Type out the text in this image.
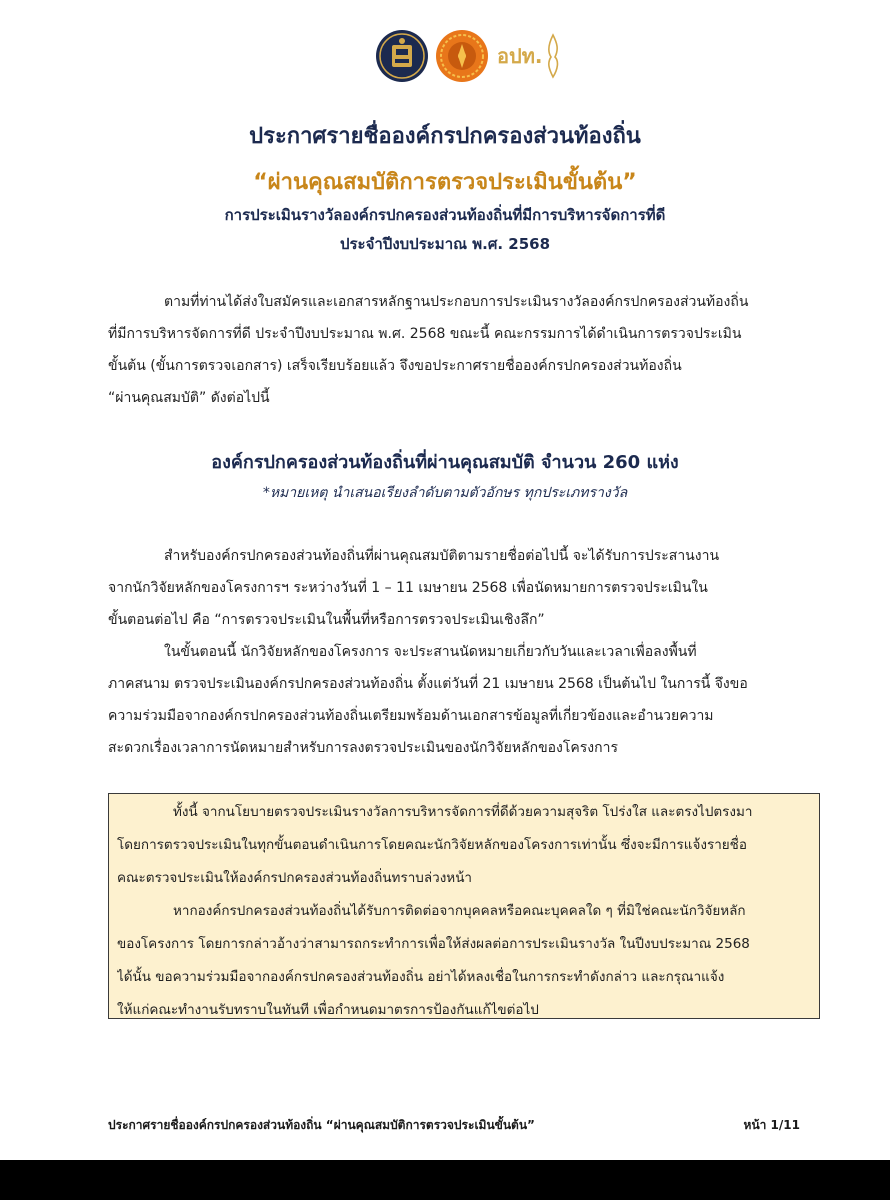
อปท.
ประกาศรายชื่อองค์กรปกครองส่วนท้องถิ่น
“ผ่านคุณสมบัติการตรวจประเมินขั้นต้น”
การประเมินรางวัลองค์กรปกครองส่วนท้องถิ่นที่มีการบริหารจัดการที่ดี
ประจำปีงบประมาณ พ.ศ. 2568
ตามที่ท่านได้ส่งใบสมัครและเอกสารหลักฐานประกอบการประเมินรางวัลองค์กรปกครองส่วนท้องถิ่น
ที่มีการบริหารจัดการที่ดี ประจำปีงบประมาณ พ.ศ. 2568 ขณะนี้ คณะกรรมการได้ดำเนินการตรวจประเมิน
ขั้นต้น (ขั้นการตรวจเอกสาร) เสร็จเรียบร้อยแล้ว จึงขอประกาศรายชื่อองค์กรปกครองส่วนท้องถิ่น
“ผ่านคุณสมบัติ” ดังต่อไปนี้
องค์กรปกครองส่วนท้องถิ่นที่ผ่านคุณสมบัติ จำนวน 260 แห่ง
*หมายเหตุ นำเสนอเรียงลำดับตามตัวอักษร ทุกประเภทรางวัล
สำหรับองค์กรปกครองส่วนท้องถิ่นที่ผ่านคุณสมบัติตามรายชื่อต่อไปนี้ จะได้รับการประสานงาน
จากนักวิจัยหลักของโครงการฯ ระหว่างวันที่ 1 – 11 เมษายน 2568 เพื่อนัดหมายการตรวจประเมินใน
ขั้นตอนต่อไป คือ “การตรวจประเมินในพื้นที่หรือการตรวจประเมินเชิงลึก”
ในขั้นตอนนี้ นักวิจัยหลักของโครงการ จะประสานนัดหมายเกี่ยวกับวันและเวลาเพื่อลงพื้นที่
ภาคสนาม ตรวจประเมินองค์กรปกครองส่วนท้องถิ่น ตั้งแต่วันที่ 21 เมษายน 2568 เป็นต้นไป ในการนี้ จึงขอ
ความร่วมมือจากองค์กรปกครองส่วนท้องถิ่นเตรียมพร้อมด้านเอกสารข้อมูลที่เกี่ยวข้องและอำนวยความ
สะดวกเรื่องเวลาการนัดหมายสำหรับการลงตรวจประเมินของนักวิจัยหลักของโครงการ
ทั้งนี้ จากนโยบายตรวจประเมินรางวัลการบริหารจัดการที่ดีด้วยความสุจริต โปร่งใส และตรงไปตรงมา
โดยการตรวจประเมินในทุกขั้นตอนดำเนินการโดยคณะนักวิจัยหลักของโครงการเท่านั้น ซึ่งจะมีการแจ้งรายชื่อ
คณะตรวจประเมินให้องค์กรปกครองส่วนท้องถิ่นทราบล่วงหน้า
หากองค์กรปกครองส่วนท้องถิ่นได้รับการติดต่อจากบุคคลหรือคณะบุคคลใด ๆ ที่มิใช่คณะนักวิจัยหลัก
ของโครงการ โดยการกล่าวอ้างว่าสามารถกระทำการเพื่อให้ส่งผลต่อการประเมินรางวัล ในปีงบประมาณ 2568
ได้นั้น ขอความร่วมมือจากองค์กรปกครองส่วนท้องถิ่น อย่าได้หลงเชื่อในการกระทำดังกล่าว และกรุณาแจ้ง
ให้แก่คณะทำงานรับทราบในทันที เพื่อกำหนดมาตรการป้องกันแก้ไขต่อไป
ประกาศรายชื่อองค์กรปกครองส่วนท้องถิ่น “ผ่านคุณสมบัติการตรวจประเมินขั้นต้น”	หน้า 1/11
